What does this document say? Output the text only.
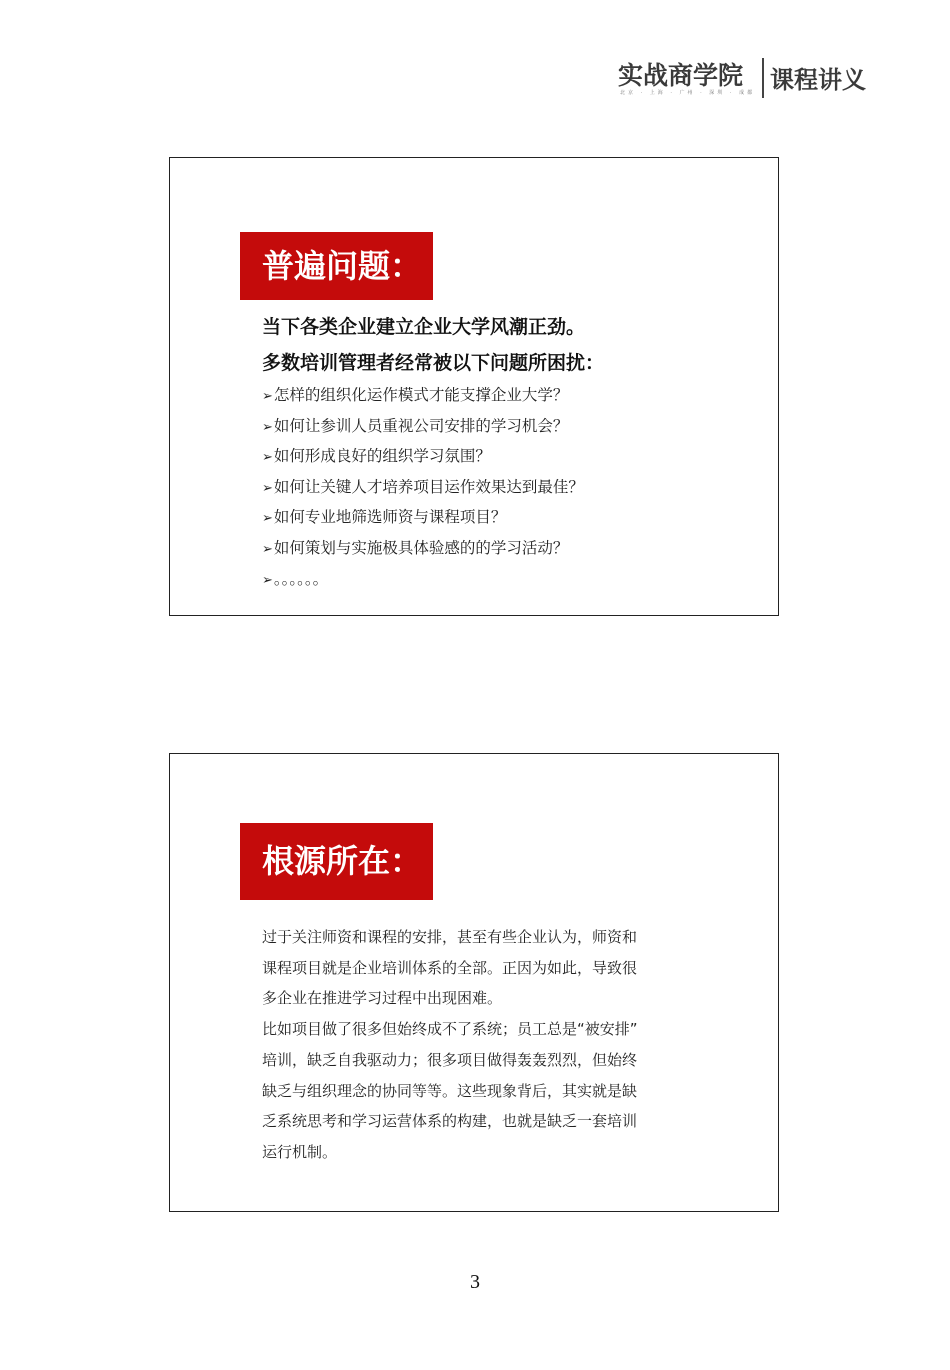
实战商学院
北京 · 上海 · 广州 · 深圳 · 成都 课程讲义
普遍问题：
当下各类企业建立企业大学风潮正劲。
多数培训管理者经常被以下问题所困扰：
➢怎样的组织化运作模式才能支撑企业大学？
➢如何让参训人员重视公司安排的学习机会？
➢如何形成良好的组织学习氛围？
➢如何让关键人才培养项目运作效果达到最佳？
➢如何专业地筛选师资与课程项目？
➢如何策划与实施极具体验感的的学习活动？
➢。。。。。。
根源所在：

过于关注师资和课程的安排，甚至有些企业认为，师资和

课程项目就是企业培训体系的全部。正因为如此，导致很

多企业在推进学习过程中出现困难。

比如项目做了很多但始终成不了系统；员工总是“被安排”

培训，缺乏自我驱动力；很多项目做得轰轰烈烈，但始终

缺乏与组织理念的协同等等。这些现象背后，其实就是缺

乏系统思考和学习运营体系的构建，也就是缺乏一套培训

运行机制。

3
